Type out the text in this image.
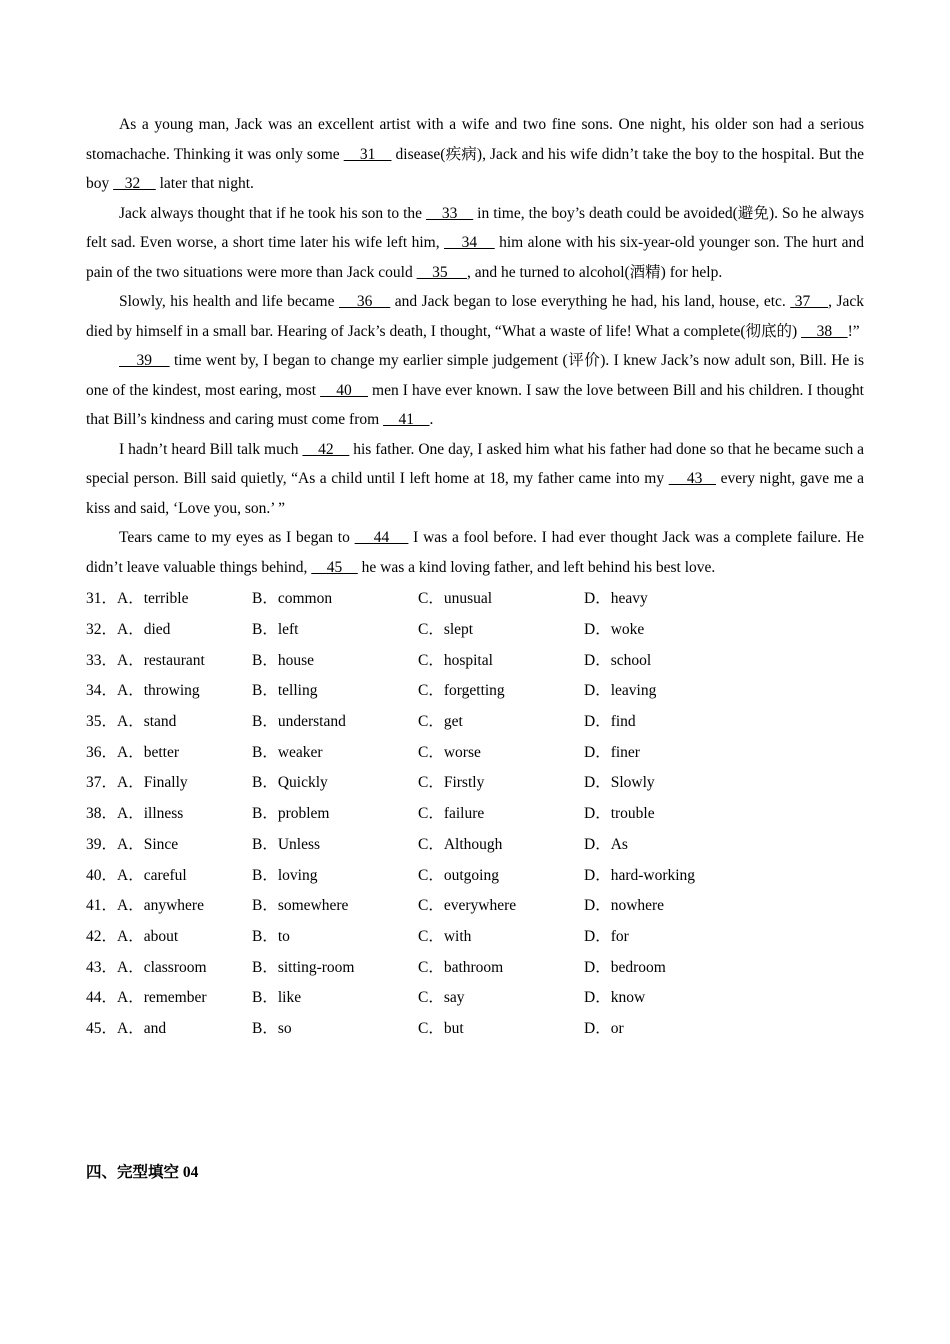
As a young man, Jack was an excellent artist with a wife and two fine sons. One night, his older son had a serious stomachache. Thinking it was only some     31     disease(疾病), Jack and his wife didn’t take the boy to the hospital. But the boy    32     later that night.

Jack always thought that if he took his son to the     33     in time, the boy’s death could be avoided(避免). So he always felt sad. Even worse, a short time later his wife left him,     34     him alone with his six-year-old younger son. The hurt and pain of the two situations were more than Jack could     35     , and he turned to alcohol(酒精) for help.

Slowly, his health and life became     36     and Jack began to lose everything he had, his land, house, etc.  ​37    , Jack died by himself in a small bar. Hearing of Jack’s death, I thought, “What a waste of life! What a complete(彻底的)     38    !”

39     time went by, I began to change my earlier simple judgement (评价). I knew Jack’s now adult son, Bill. He is one of the kindest, most earing, most     40     men I have ever known. I saw the love between Bill and his children. I thought that Bill’s kindness and caring must come from     41    .

I hadn’t heard Bill talk much     42     his father. One day, I asked him what his father had done so that he became such a special person. Bill said quietly, “As a child until I left home at 18, my father came into my     43    every night, gave me a kiss and said, ‘Love you, son.’ ”

Tears came to my eyes as I began to     44     I was a fool before. I had ever thought Jack was a complete failure. He didn’t leave valuable things behind,     45     he was a kind loving father, and left behind his best love.

31．A．terrible	B．common	C．unusual	D．heavy
32．A．died	B．left	C．slept	D．woke
33．A．restaurant	B．house	C．hospital	D．school
34．A．throwing	B．telling	C．forgetting	D．leaving
35．A．stand	B．understand	C．get	D．find
36．A．better	B．weaker	C．worse	D．finer
37．A．Finally	B．Quickly	C．Firstly	D．Slowly
38．A．illness	B．problem	C．failure	D．trouble
39．A．Since	B．Unless	C．Although	D．As
40．A．careful	B．loving	C．outgoing	D．hard-working
41．A．anywhere	B．somewhere	C．everywhere	D．nowhere
42．A．about	B．to	C．with	D．for
43．A．classroom	B．sitting-room	C．bathroom	D．bedroom
44．A．remember	B．like	C．say	D．know
45．A．and	B．so	C．but	D．or
四、完型填空 04
